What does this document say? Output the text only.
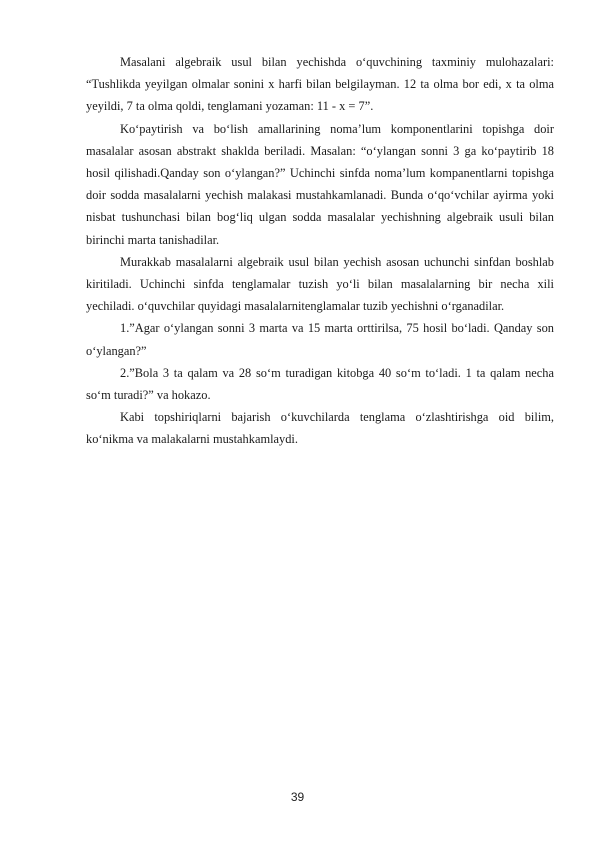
Masalani algebraik usul bilan yechishda o‘quvchining taxminiy mulohazalari: “Tushlikda yeyilgan olmalar sonini x harfi bilan belgilayman. 12 ta olma bor edi, x ta olma yeyildi, 7 ta olma qoldi, tenglamani yozaman: 11 - x = 7”.

Ko‘paytirish va bo‘lish amallarining noma’lum komponentlarini topishga doir masalalar asosan abstrakt shaklda beriladi. Masalan: “o‘ylangan sonni 3 ga ko‘paytirib 18 hosil qilishadi.Qanday son o‘ylangan?” Uchinchi sinfda noma’lum kompanentlarni topishga doir sodda masalalarni yechish malakasi mustahkamlanadi. Bunda o‘qo‘vchilar ayirma yoki nisbat tushunchasi bilan bog‘liq ulgan sodda masalalar yechishning algebraik usuli bilan birinchi marta tanishadilar.

Murakkab masalalarni algebraik usul bilan yechish asosan uchunchi sinfdan boshlab kiritiladi. Uchinchi sinfda tenglamalar tuzish yo‘li bilan masalalarning bir necha xili yechiladi. o‘quvchilar quyidagi masalalarnitenglamalar tuzib yechishni o‘rganadilar.

1.”Agar o‘ylangan sonni 3 marta va 15 marta orttirilsa, 75 hosil bo‘ladi. Qanday son o‘ylangan?”

2.”Bola 3 ta qalam va 28 so‘m turadigan kitobga 40 so‘m to‘ladi. 1 ta qalam necha so‘m turadi?” va hokazo.

Kabi topshiriqlarni bajarish o‘kuvchilarda tenglama o‘zlashtirishga oid bilim, ko‘nikma va malakalarni mustahkamlaydi.

39
